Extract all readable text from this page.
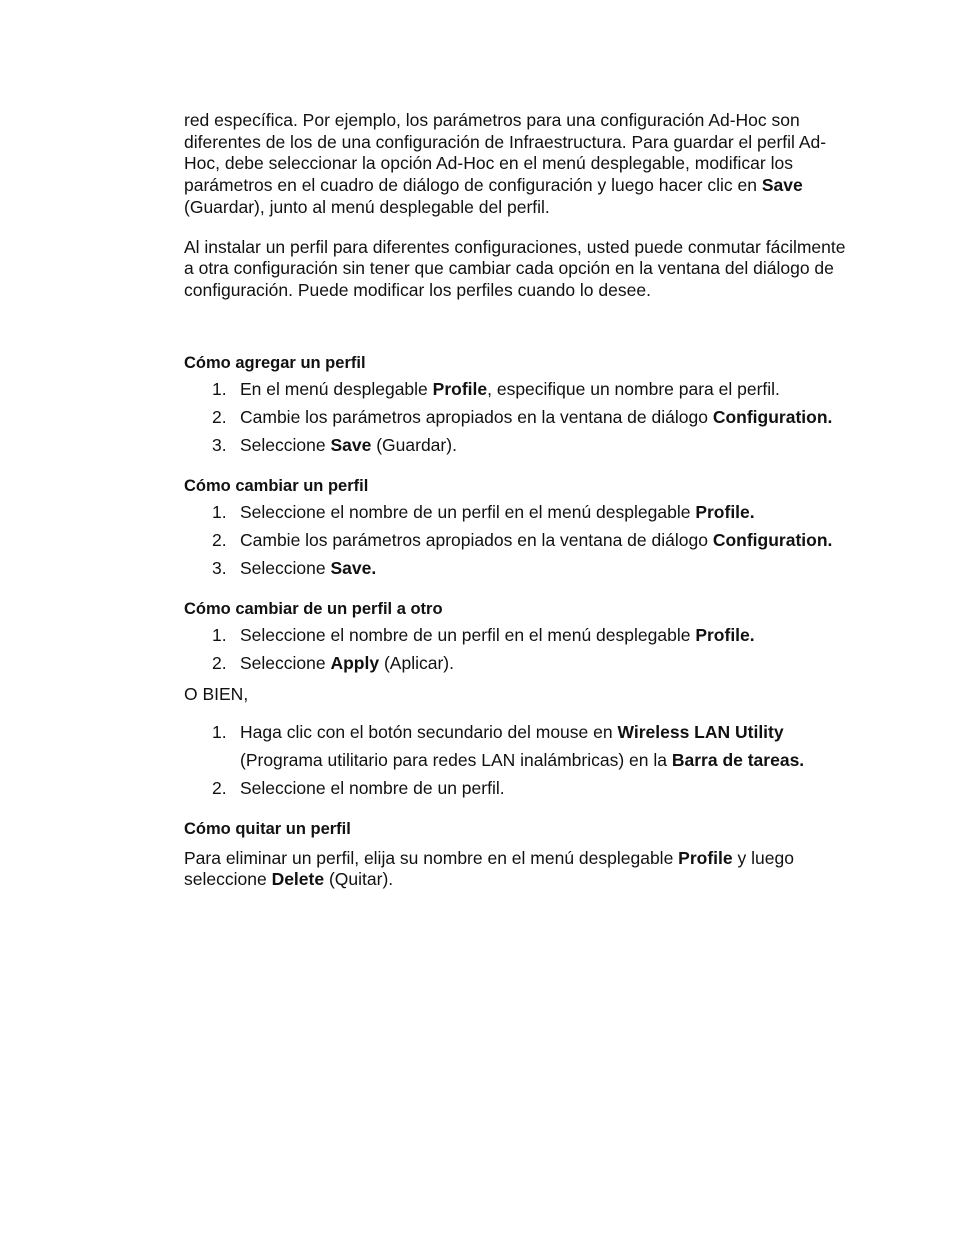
red específica. Por ejemplo, los parámetros para una configuración Ad-Hoc son diferentes de los de una configuración de Infraestructura. Para guardar el perfil Ad-Hoc, debe seleccionar la opción Ad-Hoc en el menú desplegable, modificar los parámetros en el cuadro de diálogo de configuración y luego hacer clic en Save (Guardar), junto al menú desplegable del perfil.

Al instalar un perfil para diferentes configuraciones, usted puede conmutar fácilmente a otra configuración sin tener que cambiar cada opción en la ventana del diálogo de configuración. Puede modificar los perfiles cuando lo desee.

Cómo agregar un perfil
1. En el menú desplegable Profile, especifique un nombre para el perfil.
2. Cambie los parámetros apropiados en la ventana de diálogo Configuration.
3. Seleccione Save (Guardar).
Cómo cambiar un perfil
1. Seleccione el nombre de un perfil en el menú desplegable Profile.
2. Cambie los parámetros apropiados en la ventana de diálogo Configuration.
3. Seleccione Save.
Cómo cambiar de un perfil a otro
1. Seleccione el nombre de un perfil en el menú desplegable Profile.
2. Seleccione Apply (Aplicar).

O BIEN,

1. Haga clic con el botón secundario del mouse en Wireless LAN Utility (Programa utilitario para redes LAN inalámbricas) en la Barra de tareas.
2. Seleccione el nombre de un perfil.
Cómo quitar un perfil

Para eliminar un perfil, elija su nombre en el menú desplegable Profile y luego seleccione Delete (Quitar).
